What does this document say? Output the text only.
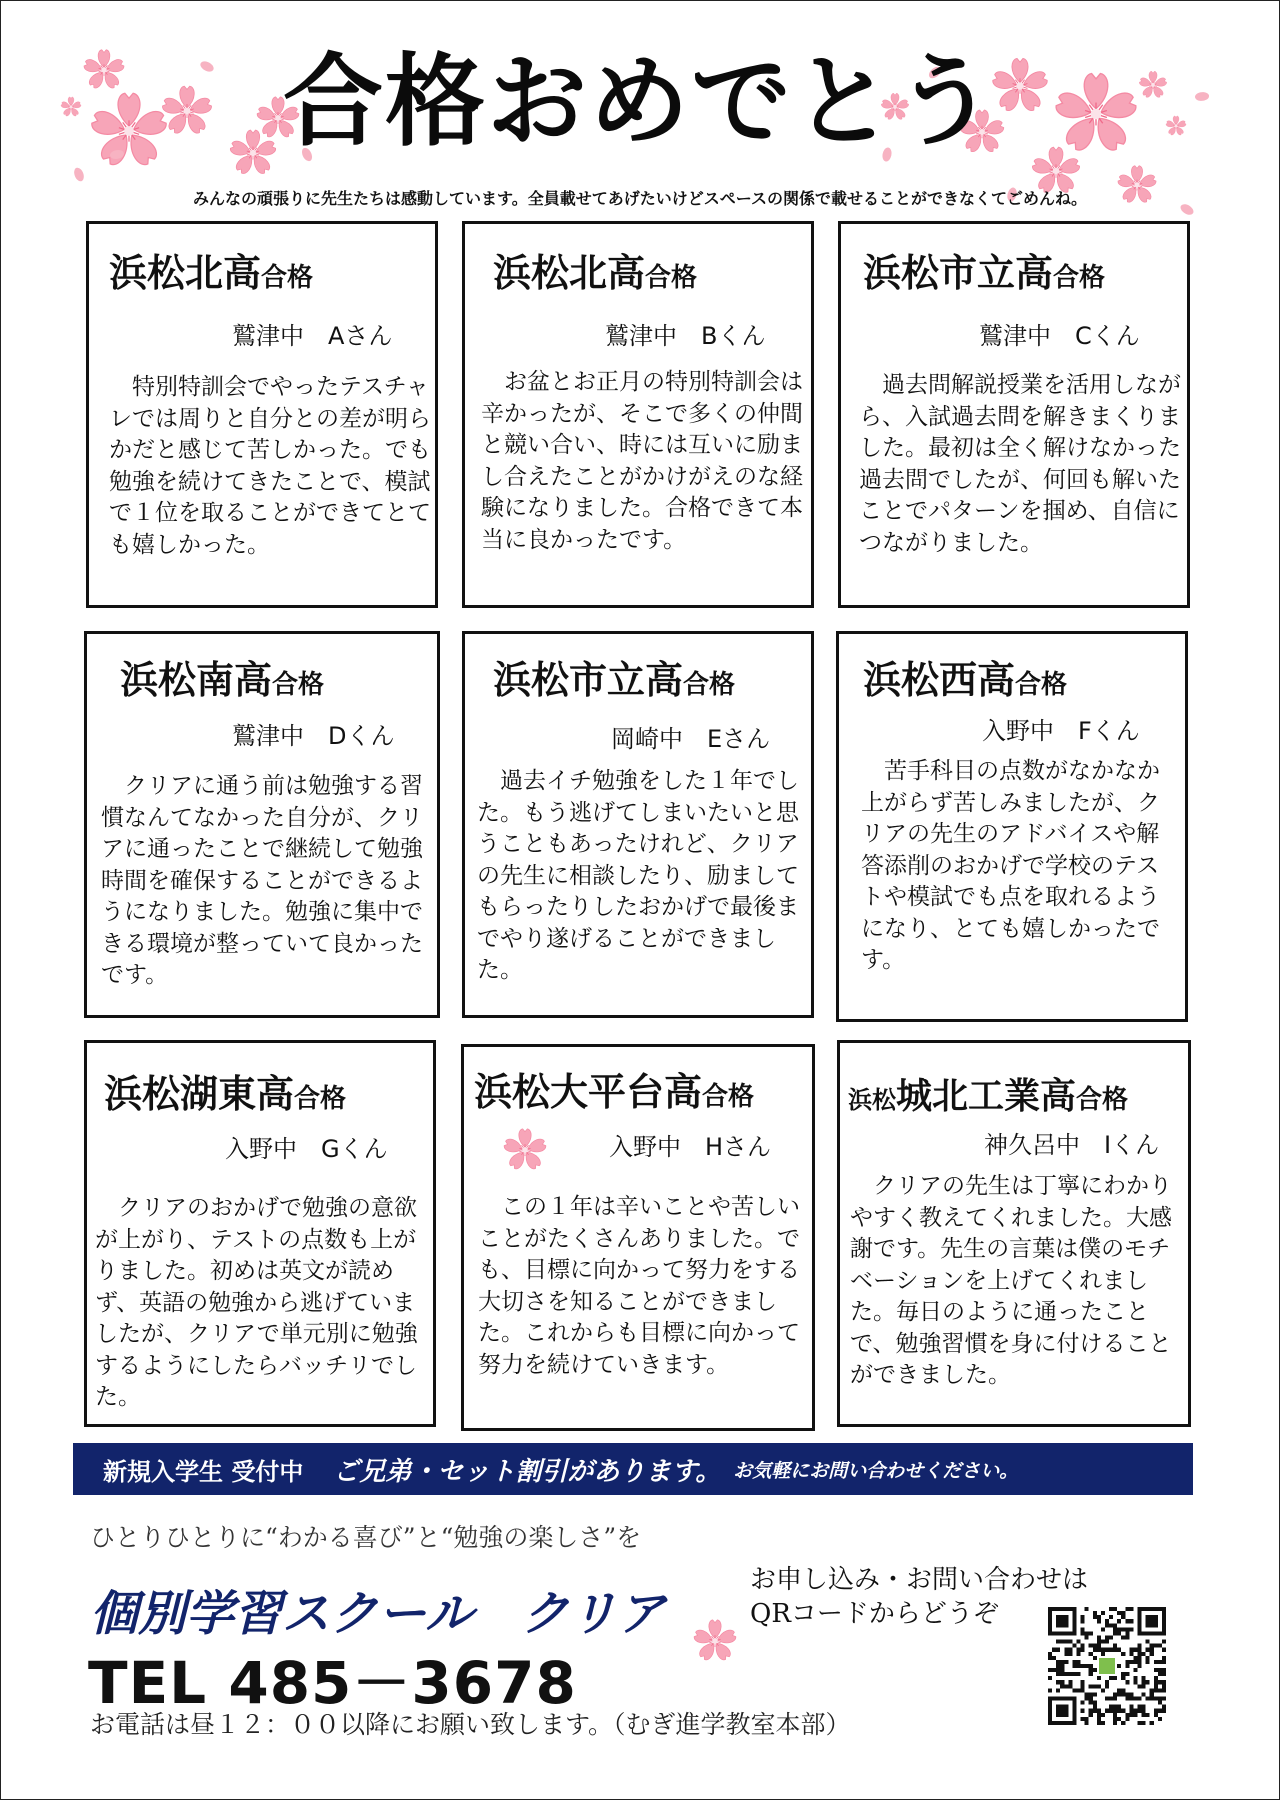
合格おめでとう
みんなの頑張りに先生たちは感動しています。全員載せてあげたいけどスペースの関係で載せることができなくてごめんね。
浜松北高合格
鷲津中　Aさん
特別特訓会でやったテスチャレでは周りと自分との差が明らかだと感じて苦しかった。でも勉強を続けてきたことで、模試で１位を取ることができてとても嬉しかった。
浜松北高合格
鷲津中　Bくん
お盆とお正月の特別特訓会は辛かったが、そこで多くの仲間と競い合い、時には互いに励まし合えたことがかけがえのな経験になりました。合格できて本当に良かったです。
浜松市立高合格
鷲津中　Cくん
過去問解説授業を活用しながら、入試過去問を解きまくりました。最初は全く解けなかった過去問でしたが、何回も解いたことでパターンを掴め、自信につながりました。
浜松南高合格
鷲津中　Dくん
クリアに通う前は勉強する習慣なんてなかった自分が、クリアに通ったことで継続して勉強時間を確保することができるようになりました。勉強に集中できる環境が整っていて良かったです。
浜松市立高合格
岡崎中　Eさん
過去イチ勉強をした１年でした。もう逃げてしまいたいと思うこともあったけれど、クリアの先生に相談したり、励ましてもらったりしたおかげで最後までやり遂げることができました。
浜松西高合格
入野中　Fくん
苦手科目の点数がなかなか上がらず苦しみましたが、クリアの先生のアドバイスや解答添削のおかげで学校のテストや模試でも点を取れるようになり、とても嬉しかったです。
浜松湖東高合格
入野中　Gくん
クリアのおかげで勉強の意欲が上がり、テストの点数も上がりました。初めは英文が読めず、英語の勉強から逃げていましたが、クリアで単元別に勉強するようにしたらバッチリでした。
浜松大平台高合格
入野中　Hさん
この１年は辛いことや苦しいことがたくさんありました。でも、目標に向かって努力をする大切さを知ることができました。これからも目標に向かって努力を続けていきます。
浜松城北工業高合格
神久呂中　Iくん
クリアの先生は丁寧にわかりやすく教えてくれました。大感謝です。先生の言葉は僕のモチベーションを上げてくれました。毎日のように通ったことで、勉強習慣を身に付けることができました。
新規入学生 受付中 ご兄弟・セット割引があります。 お気軽にお問い合わせください。
ひとりひとりに“わかる喜び”と“勉強の楽しさ”を
個別学習スクール　クリア
TEL 485－3678
お電話は昼１２：００以降にお願い致します。（むぎ進学教室本部）
お申し込み・お問い合わせは
QRコードからどうぞ
